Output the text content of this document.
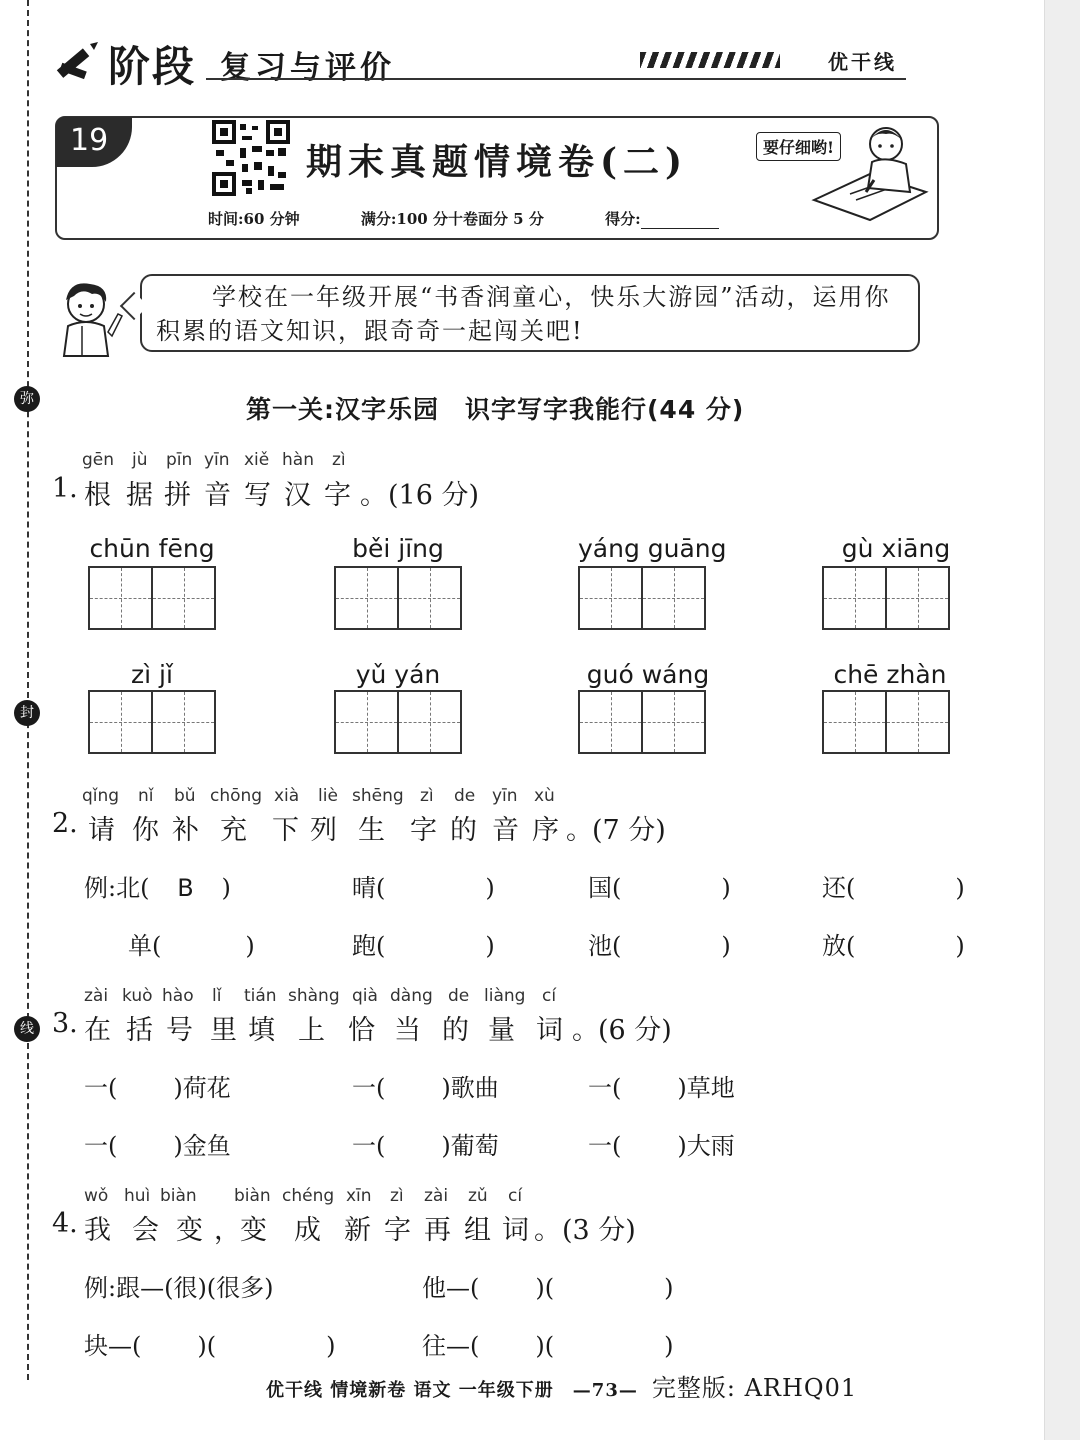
弥
封
线
阶段 复习与评价	优干线
19
期末真题情境卷(二)
时间:60 分钟	满分:100 分十卷面分 5 分	得分:
要仔细哟!
学校在一年级开展“书香润童心，快乐大游园”活动，运用你积累的语文知识，跟奇奇一起闯关吧!
第一关:汉字乐园　识字写字我能行(44 分)
gēn jù pīn yīn xiě hàn zì
1. 根 据 拼 音 写 汉 字 。 (16 分)
chūn fēng	běi jīng	yáng guāng	gù xiāng
zì jǐ	yǔ yán	guó wáng	chē zhàn
qǐng nǐ bǔ chōng xià liè shēng zì de yīn xù
2. 请 你 补 充 下 列 生 字 的 音 序 。 (7 分)
例:北( B )	晴(	)	国(	)	还(	)
单(	)	跑(	)	池(	)	放(	)
zài kuò hào lǐ tián shàng qià dàng de liàng cí
3. 在 括 号 里 填 上 恰 当 的 量 词 。 (6 分)
一( )荷花	一( )歌曲	一( )草地
一( )金鱼	一( )葡萄	一( )大雨
wǒ huì biàn biàn chéng xīn zì zài zǔ cí
4. 我 会 变 ， 变 成 新 字 再 组 词 。 (3 分)
例:跟—(很)(很多)	他—( )(	)
块—( )(	)	往—( )(	)
优干线 情境新卷 语文 一年级下册　—73— 完整版: ARHQ01
